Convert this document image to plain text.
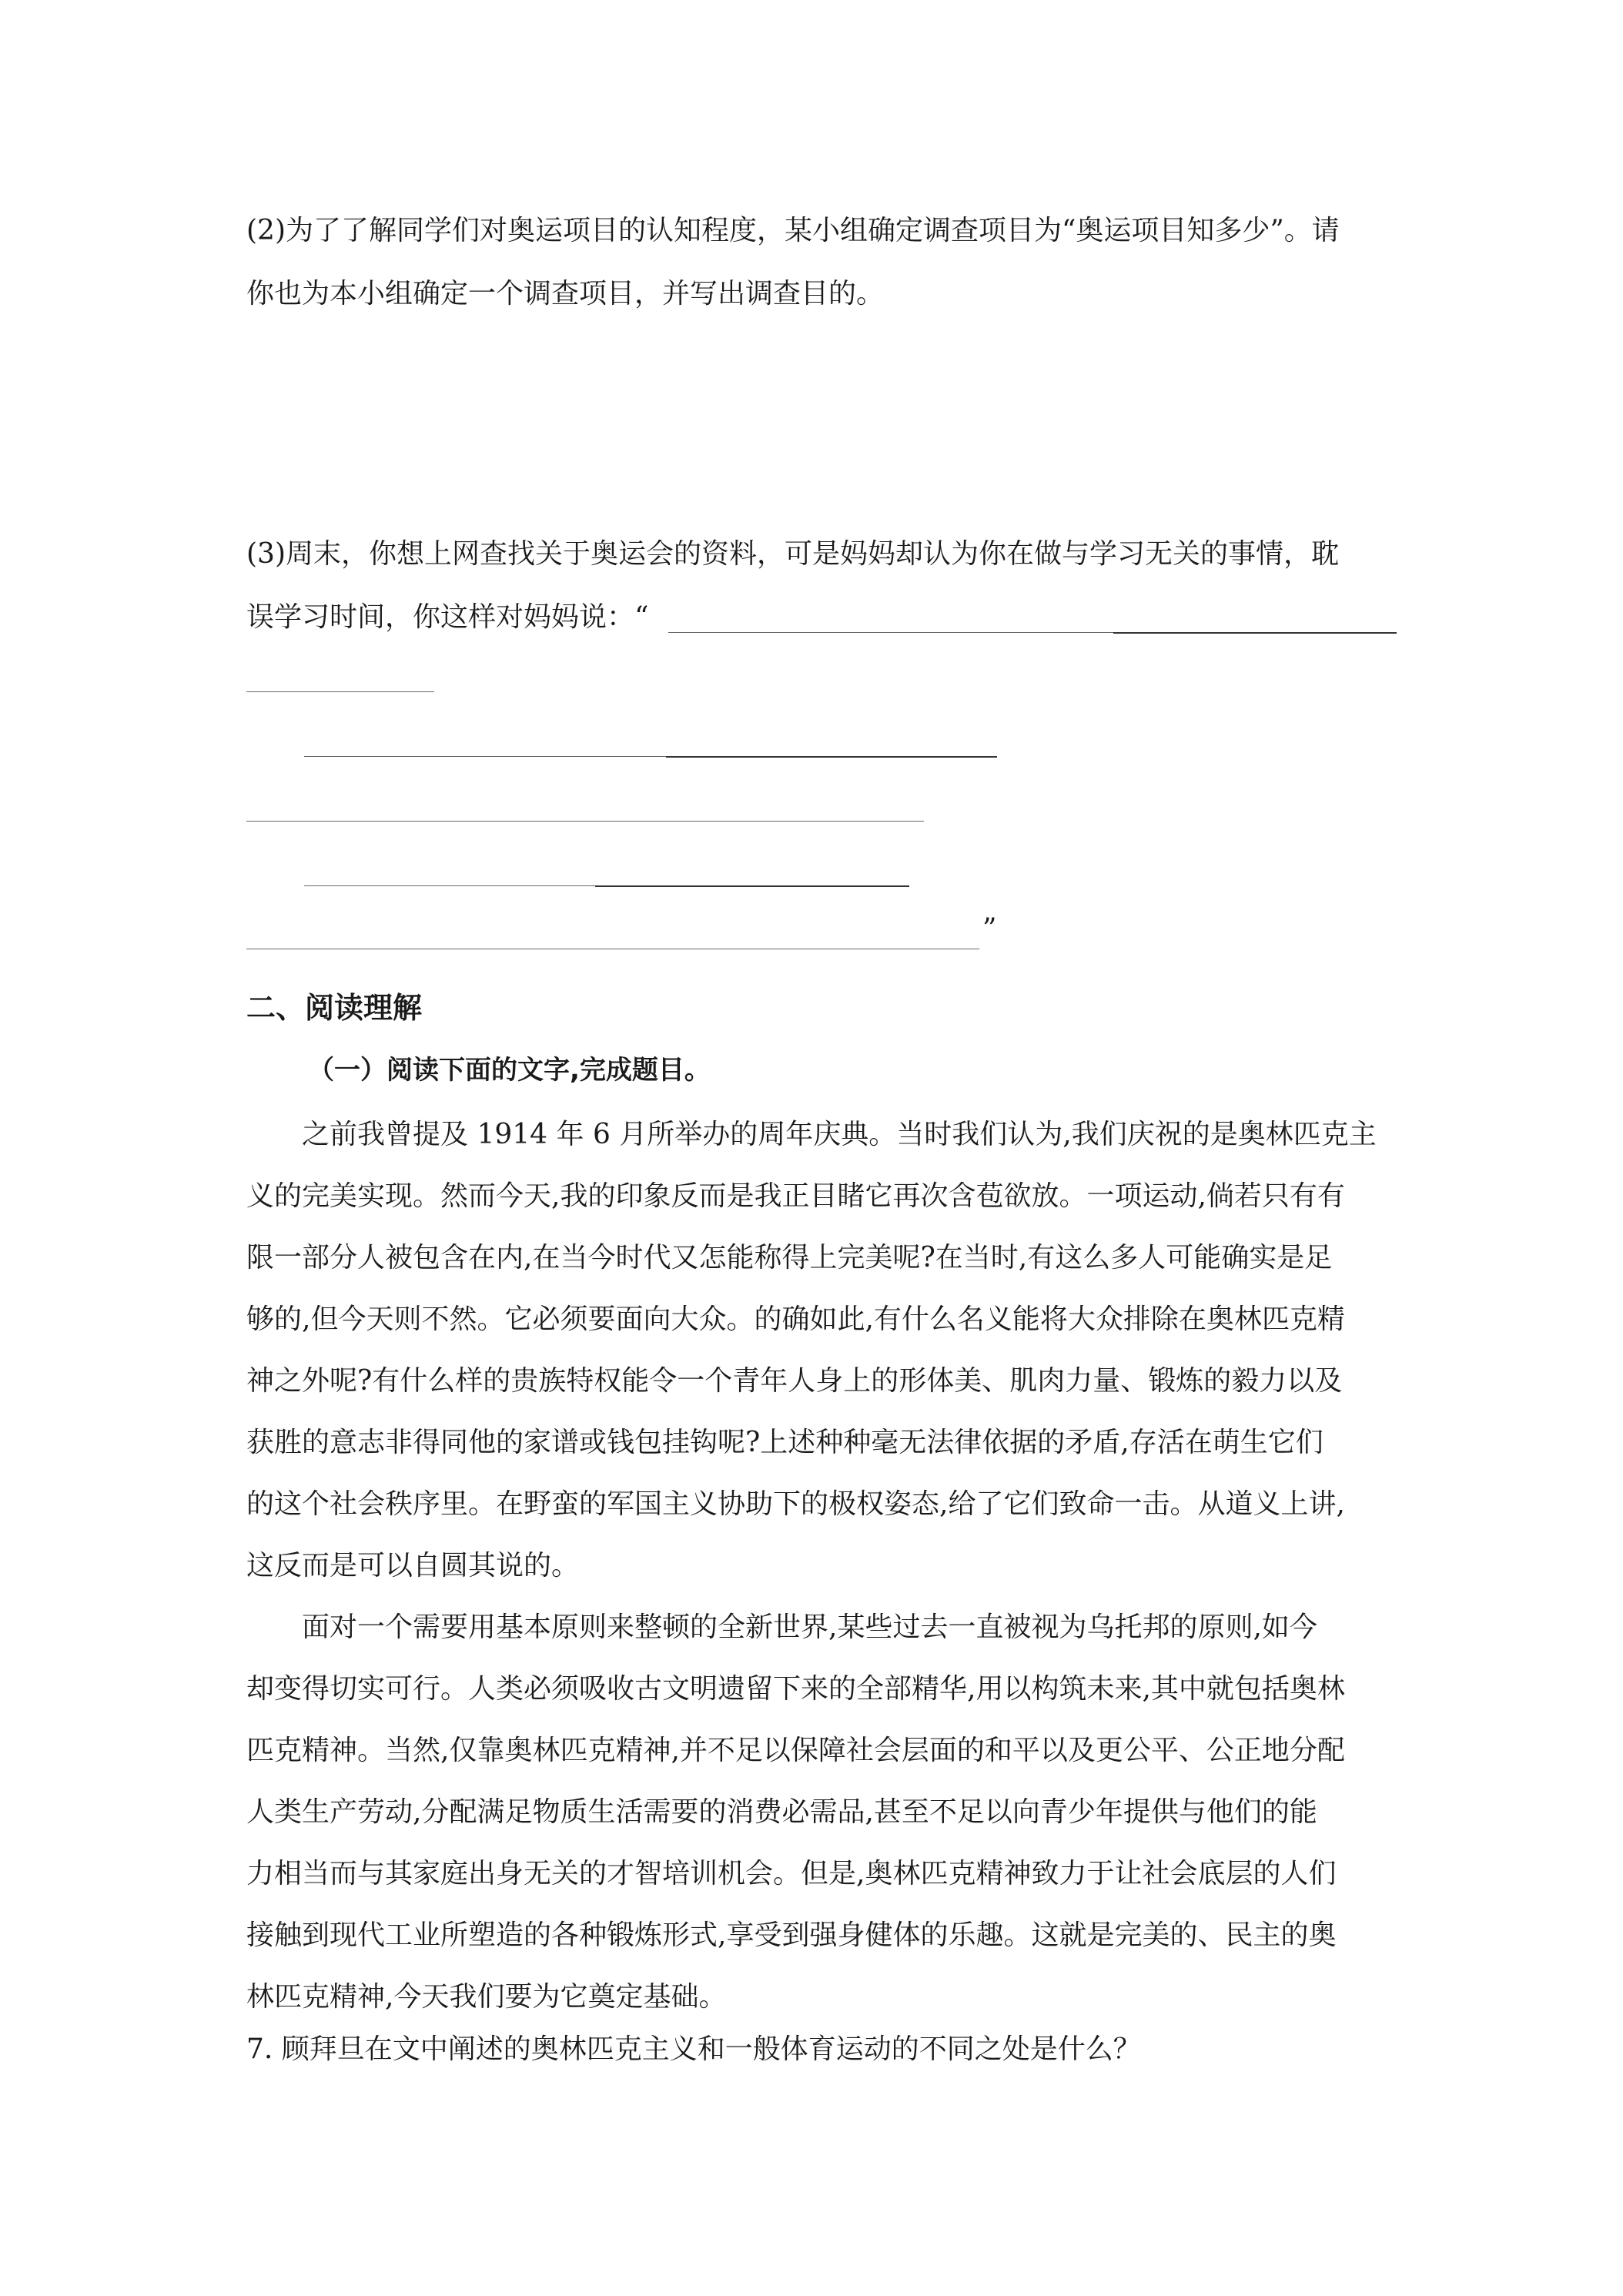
(2)为了了解同学们对奥运项目的认知程度，某小组确定调查项目为“奥运项目知多少”。请
你也为本小组确定一个调查项目，并写出调查目的。
(3)周末，你想上网查找关于奥运会的资料，可是妈妈却认为你在做与学习无关的事情，耽
误学习时间，你这样对妈妈说：“
”
二、阅读理解
（一）阅读下面的文字,完成题目。
之前我曾提及 1914 年 6 月所举办的周年庆典。当时我们认为,我们庆祝的是奥林匹克主
义的完美实现。然而今天,我的印象反而是我正目睹它再次含苞欲放。一项运动,倘若只有有
限一部分人被包含在内,在当今时代又怎能称得上完美呢?在当时,有这么多人可能确实是足
够的,但今天则不然。它必须要面向大众。的确如此,有什么名义能将大众排除在奥林匹克精
神之外呢?有什么样的贵族特权能令一个青年人身上的形体美、肌肉力量、锻炼的毅力以及
获胜的意志非得同他的家谱或钱包挂钩呢?上述种种毫无法律依据的矛盾,存活在萌生它们
的这个社会秩序里。在野蛮的军国主义协助下的极权姿态,给了它们致命一击。从道义上讲,
这反而是可以自圆其说的。
面对一个需要用基本原则来整顿的全新世界,某些过去一直被视为乌托邦的原则,如今
却变得切实可行。人类必须吸收古文明遗留下来的全部精华,用以构筑未来,其中就包括奥林
匹克精神。当然,仅靠奥林匹克精神,并不足以保障社会层面的和平以及更公平、公正地分配
人类生产劳动,分配满足物质生活需要的消费必需品,甚至不足以向青少年提供与他们的能
力相当而与其家庭出身无关的才智培训机会。但是,奥林匹克精神致力于让社会底层的人们
接触到现代工业所塑造的各种锻炼形式,享受到强身健体的乐趣。这就是完美的、民主的奥
林匹克精神,今天我们要为它奠定基础。
7. 顾拜旦在文中阐述的奥林匹克主义和一般体育运动的不同之处是什么？
